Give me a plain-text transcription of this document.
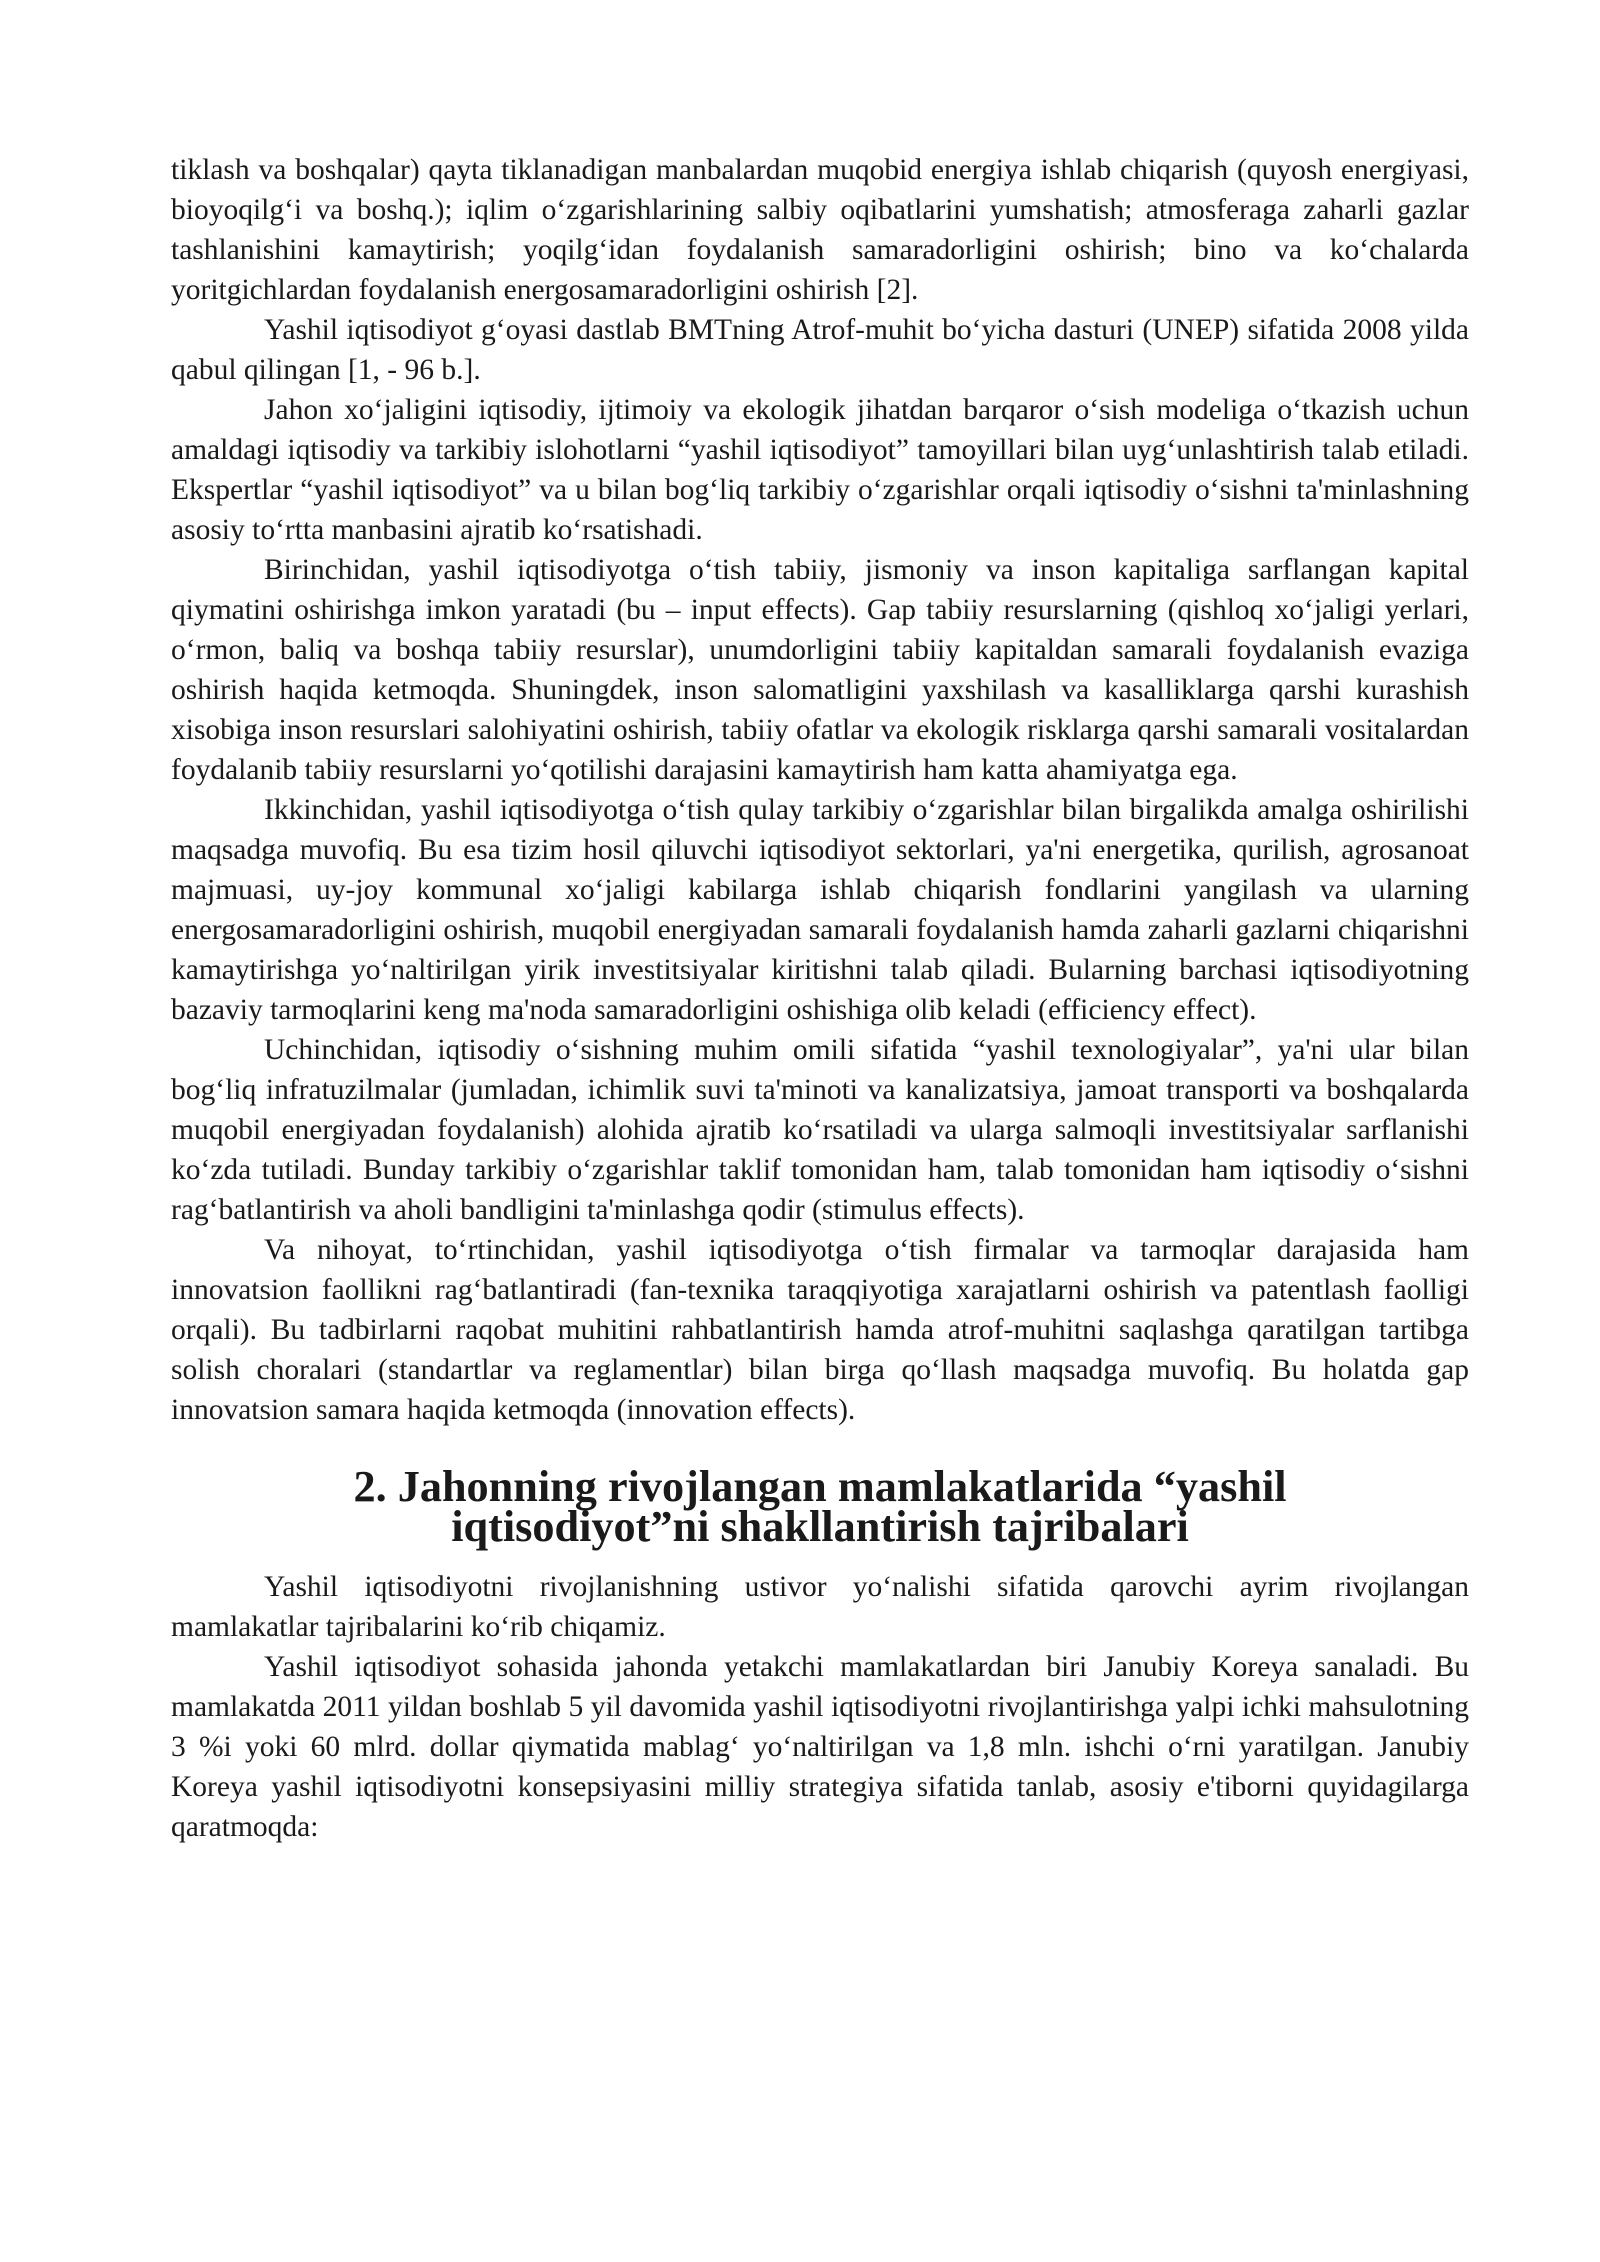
tiklash va boshqalar) qayta tiklanadigan manbalardan muqobid energiya ishlab chiqarish (quyosh energiyasi, bioyoqilg‘i va boshq.); iqlim o‘zgarishlarining salbiy oqibatlarini yumshatish; atmosferaga zaharli gazlar tashlanishini kamaytirish; yoqilg‘idan foydalanish samaradorligini oshirish; bino va ko‘chalarda yoritgichlardan foydalanish energosamaradorligini oshirish [2].

Yashil iqtisodiyot g‘oyasi dastlab BMTning Atrof-muhit bo‘yicha dasturi (UNEP) sifatida 2008 yilda qabul qilingan [1, - 96 b.].

Jahon xo‘jaligini iqtisodiy, ijtimoiy va ekologik jihatdan barqaror o‘sish modeliga o‘tkazish uchun amaldagi iqtisodiy va tarkibiy islohotlarni “yashil iqtisodiyot” tamoyillari bilan uyg‘unlashtirish talab etiladi. Ekspertlar “yashil iqtisodiyot” va u bilan bog‘liq tarkibiy o‘zgarishlar orqali iqtisodiy o‘sishni ta'minlashning asosiy to‘rtta manbasini ajratib ko‘rsatishadi.

Birinchidan, yashil iqtisodiyotga o‘tish tabiiy, jismoniy va inson kapitaliga sarflangan kapital qiymatini oshirishga imkon yaratadi (bu – input effects). Gap tabiiy resurslarning (qishloq xo‘jaligi yerlari, o‘rmon, baliq va boshqa tabiiy resurslar), unumdorligini tabiiy kapitaldan samarali foydalanish evaziga oshirish haqida ketmoqda. Shuningdek, inson salomatligini yaxshilash va kasalliklarga qarshi kurashish xisobiga inson resurslari salohiyatini oshirish, tabiiy ofatlar va ekologik risklarga qarshi samarali vositalardan foydalanib tabiiy resurslarni yo‘qotilishi darajasini kamaytirish ham katta ahamiyatga ega.

Ikkinchidan, yashil iqtisodiyotga o‘tish qulay tarkibiy o‘zgarishlar bilan birgalikda amalga oshirilishi maqsadga muvofiq. Bu esa tizim hosil qiluvchi iqtisodiyot sektorlari, ya'ni energetika, qurilish, agrosanoat majmuasi, uy-joy kommunal xo‘jaligi kabilarga ishlab chiqarish fondlarini yangilash va ularning energosamaradorligini oshirish, muqobil energiyadan samarali foydalanish hamda zaharli gazlarni chiqarishni kamaytirishga yo‘naltirilgan yirik investitsiyalar kiritishni talab qiladi. Bularning barchasi iqtisodiyotning bazaviy tarmoqlarini keng ma'noda samaradorligini oshishiga olib keladi (efficiency effect).

Uchinchidan, iqtisodiy o‘sishning muhim omili sifatida “yashil texnologiyalar”, ya'ni ular bilan bog‘liq infratuzilmalar (jumladan, ichimlik suvi ta'minoti va kanalizatsiya, jamoat transporti va boshqalarda muqobil energiyadan foydalanish) alohida ajratib ko‘rsatiladi va ularga salmoqli investitsiyalar sarflanishi ko‘zda tutiladi. Bunday tarkibiy o‘zgarishlar taklif tomonidan ham, talab tomonidan ham iqtisodiy o‘sishni rag‘batlantirish va aholi bandligini ta'minlashga qodir (stimulus effects).

Va nihoyat, to‘rtinchidan, yashil iqtisodiyotga o‘tish firmalar va tarmoqlar darajasida ham innovatsion faollikni rag‘batlantiradi (fan-texnika taraqqiyotiga xarajatlarni oshirish va patentlash faolligi orqali). Bu tadbirlarni raqobat muhitini rahbatlantirish hamda atrof-muhitni saqlashga qaratilgan tartibga solish choralari (standartlar va reglamentlar) bilan birga qo‘llash maqsadga muvofiq. Bu holatda gap innovatsion samara haqida ketmoqda (innovation effects).

2. Jahonning rivojlangan mamlakatlarida “yashil iqtisodiyot”ni shakllantirish tajribalari

Yashil iqtisodiyotni rivojlanishning ustivor yo‘nalishi sifatida qarovchi ayrim rivojlangan mamlakatlar tajribalarini ko‘rib chiqamiz.

Yashil iqtisodiyot sohasida jahonda yetakchi mamlakatlardan biri Janubiy Koreya sanaladi. Bu mamlakatda 2011 yildan boshlab 5 yil davomida yashil iqtisodiyotni rivojlantirishga yalpi ichki mahsulotning 3 %i yoki 60 mlrd. dollar qiymatida mablag‘ yo‘naltirilgan va 1,8 mln. ishchi o‘rni yaratilgan. Janubiy Koreya yashil iqtisodiyotni konsepsiyasini milliy strategiya sifatida tanlab, asosiy e'tiborni quyidagilarga qaratmoqda:
